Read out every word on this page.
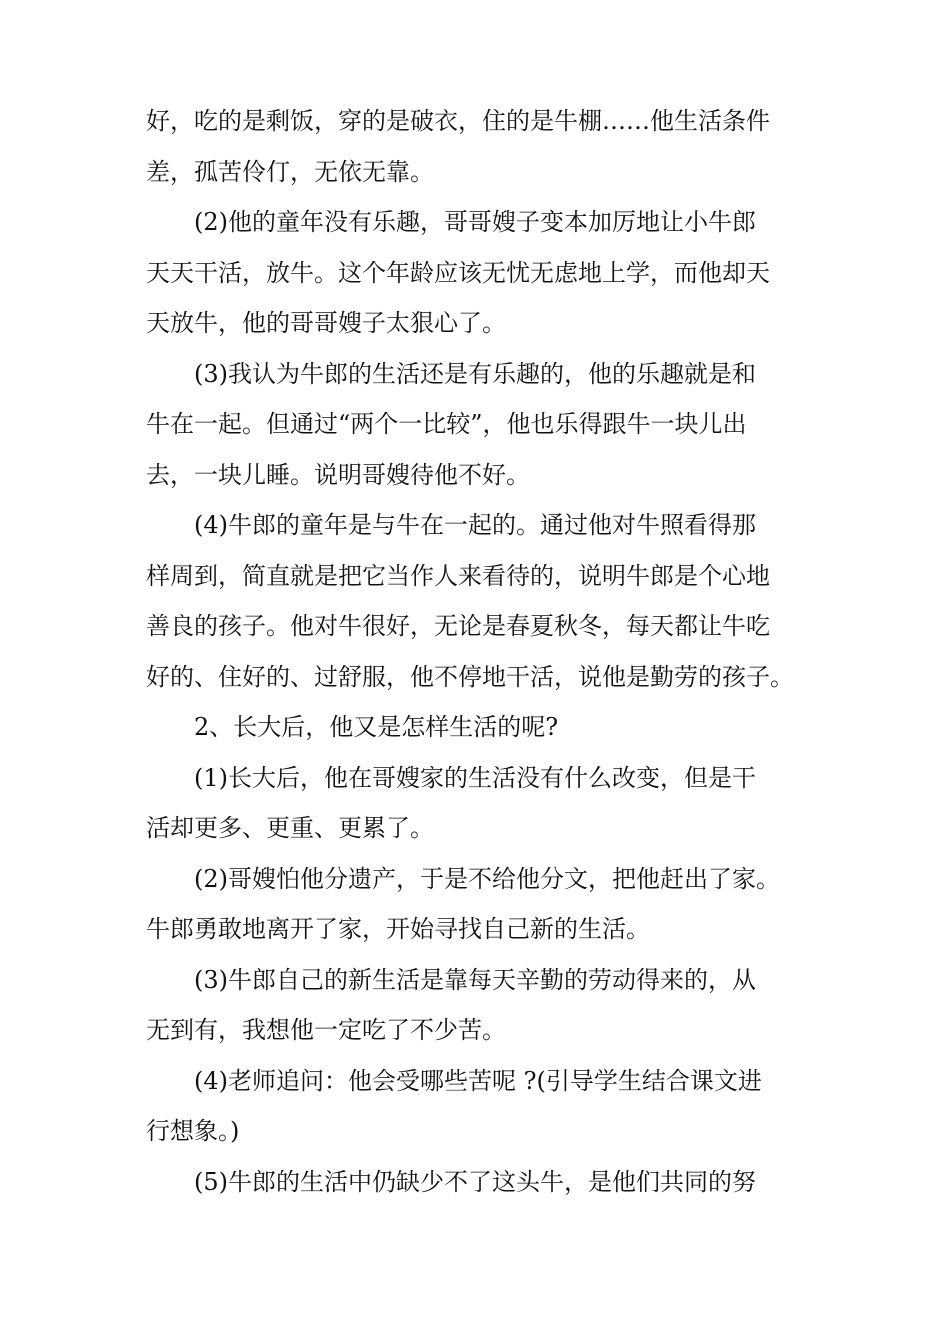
好，吃的是剩饭，穿的是破衣，住的是牛棚……他生活条件
差，孤苦伶仃，无依无靠。
(2)他的童年没有乐趣，哥哥嫂子变本加厉地让小牛郎
天天干活，放牛。这个年龄应该无忧无虑地上学，而他却天
天放牛，他的哥哥嫂子太狠心了。
(3)我认为牛郎的生活还是有乐趣的，他的乐趣就是和
牛在一起。但通过“两个一比较”，他也乐得跟牛一块儿出
去，一块儿睡。说明哥嫂待他不好。
(4)牛郎的童年是与牛在一起的。通过他对牛照看得那
样周到，简直就是把它当作人来看待的，说明牛郎是个心地
善良的孩子。他对牛很好，无论是春夏秋冬，每天都让牛吃
好的、住好的、过舒服，他不停地干活，说他是勤劳的孩子。
2、长大后，他又是怎样生活的呢?
(1)长大后，他在哥嫂家的生活没有什么改变，但是干
活却更多、更重、更累了。
(2)哥嫂怕他分遗产，于是不给他分文，把他赶出了家。
牛郎勇敢地离开了家，开始寻找自己新的生活。
(3)牛郎自己的新生活是靠每天辛勤的劳动得来的，从
无到有，我想他一定吃了不少苦。
(4)老师追问：他会受哪些苦呢 ?(引导学生结合课文进
行想象。)
(5)牛郎的生活中仍缺少不了这头牛，是他们共同的努
